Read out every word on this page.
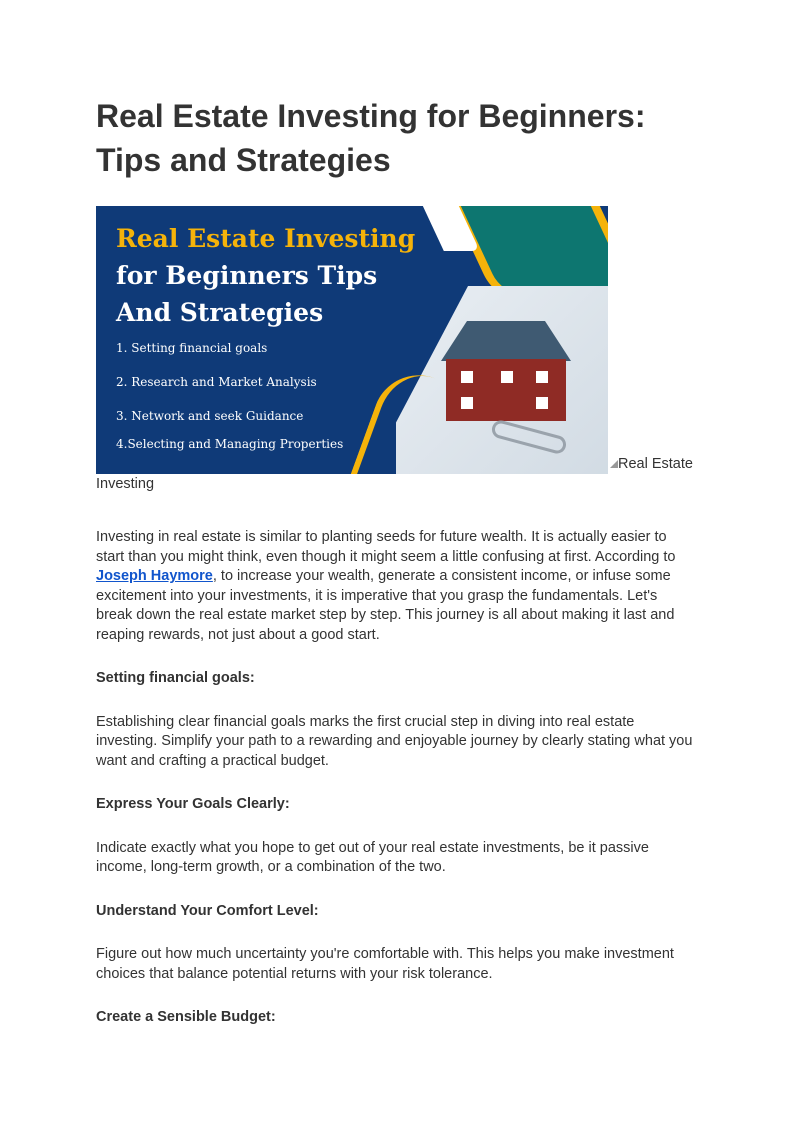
Real Estate Investing for Beginners:
Tips and Strategies
Real Estate Investing
for Beginners Tips
And Strategies
1. Setting financial goals
2. Research and Market Analysis
3. Network and seek Guidance
4.Selecting and Managing Properties
Real Estate Investing

Investing in real estate is similar to planting seeds for future wealth. It is actually easier to start than you might think, even though it might seem a little confusing at first. According to Joseph Haymore, to increase your wealth, generate a consistent income, or infuse some excitement into your investments, it is imperative that you grasp the fundamentals. Let's break down the real estate market step by step. This journey is all about making it last and reaping rewards, not just about a good start.

Setting financial goals:

Establishing clear financial goals marks the first crucial step in diving into real estate investing. Simplify your path to a rewarding and enjoyable journey by clearly stating what you want and crafting a practical budget.

Express Your Goals Clearly:

Indicate exactly what you hope to get out of your real estate investments, be it passive income, long-term growth, or a combination of the two.

Understand Your Comfort Level:

Figure out how much uncertainty you're comfortable with. This helps you make investment choices that balance potential returns with your risk tolerance.

Create a Sensible Budget:
